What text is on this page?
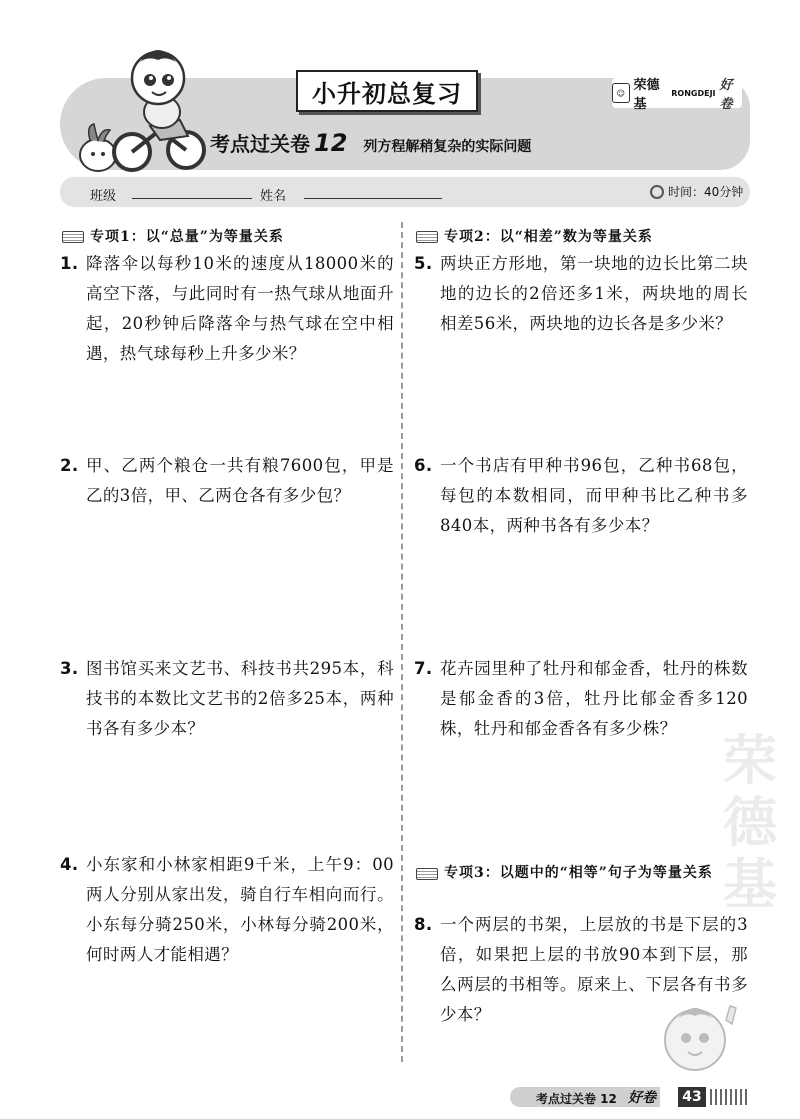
小升初总复习	☺ 荣德基
RONGDEJI 好卷
考点过关卷 12 列方程解稍复杂的实际问题
班级	姓名	时间：40分钟
荣德基
专项1：以“总量”为等量关系
1. 降落伞以每秒10米的速度从18000米的高空下落，与此同时有一热气球从地面升起，20秒钟后降落伞与热气球在空中相遇，热气球每秒上升多少米？
2. 甲、乙两个粮仓一共有粮7600包，甲是乙的3倍，甲、乙两仓各有多少包？
3. 图书馆买来文艺书、科技书共295本，科技书的本数比文艺书的2倍多25本，两种书各有多少本？
4. 小东家和小林家相距9千米，上午9：00两人分别从家出发，骑自行车相向而行。小东每分骑250米，小林每分骑200米，何时两人才能相遇？
专项2：以“相差”数为等量关系
5. 两块正方形地，第一块地的边长比第二块地的边长的2倍还多1米，两块地的周长相差56米，两块地的边长各是多少米？
6. 一个书店有甲种书96包，乙种书68包，每包的本数相同，而甲种书比乙种书多840本，两种书各有多少本？
7. 花卉园里种了牡丹和郁金香，牡丹的株数是郁金香的3倍，牡丹比郁金香多120株，牡丹和郁金香各有多少株？
专项3：以题中的“相等”句子为等量关系
8. 一个两层的书架，上层放的书是下层的3倍，如果把上层的书放90本到下层，那么两层的书相等。原来上、下层各有书多少本？
考点过关卷 12 好卷	43
